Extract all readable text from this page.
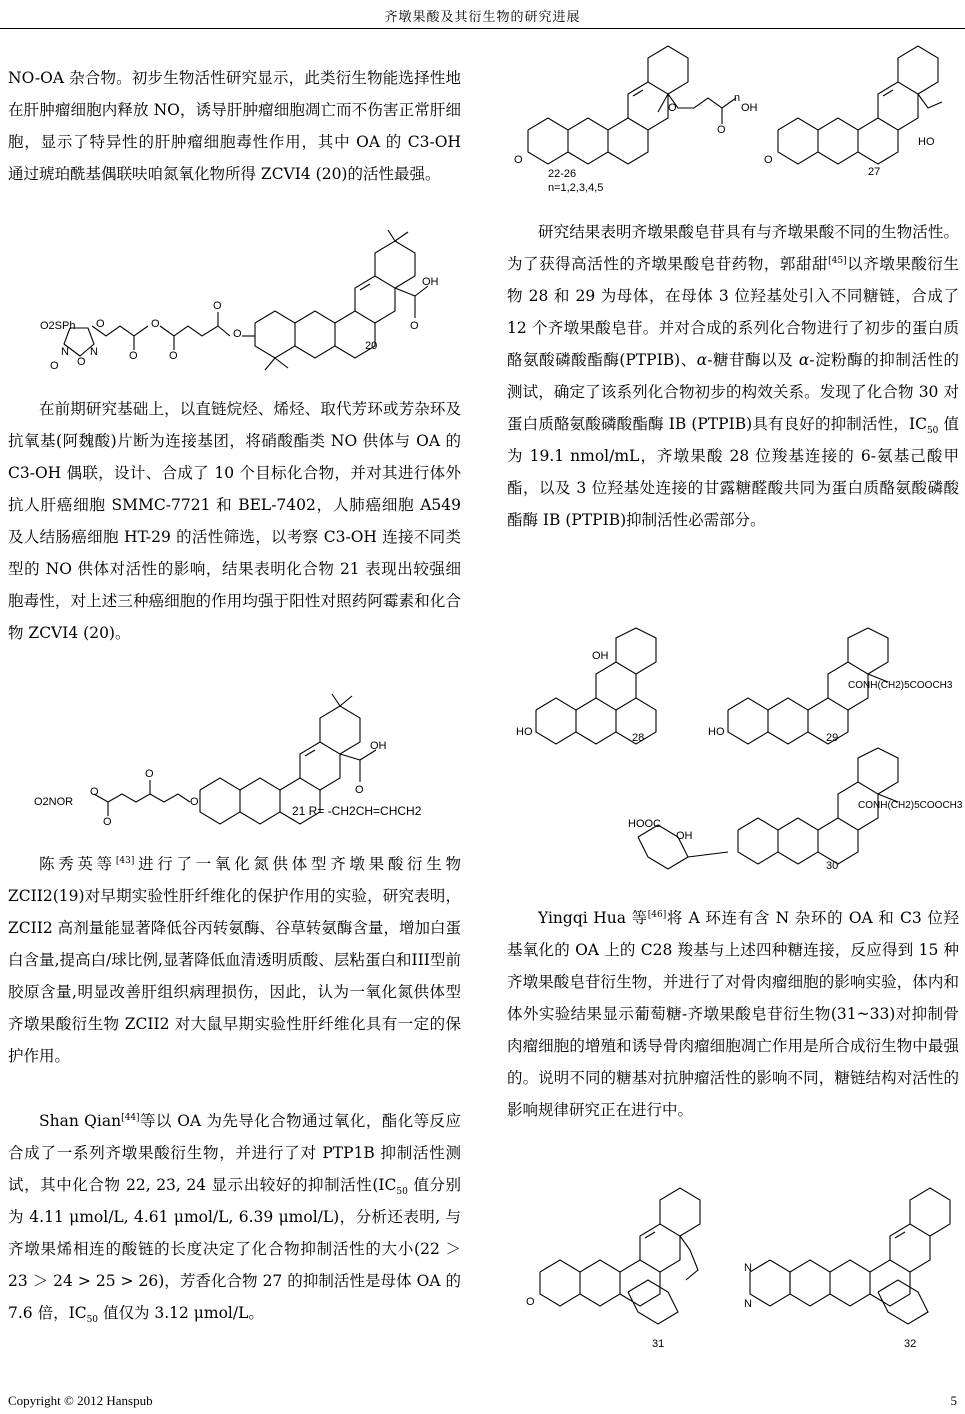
齐墩果酸及其衍生物的研究进展

NO-OA 杂合物。初步生物活性研究显示，此类衍生物能选择性地在肝肿瘤细胞内释放 NO，诱导肝肿瘤细胞凋亡而不伤害正常肝细胞，显示了特异性的肝肿瘤细胞毒性作用，其中 OA 的 C3-OH 通过琥珀酰基偶联呋咱氮氧化物所得 ZCVI4 (20)的活性最强。

O
O
O
O
O
O
O2SPh
N N
O
O
OH
O
20

在前期研究基础上，以直链烷烃、烯烃、取代芳环或芳杂环及抗氧基(阿魏酸)片断为连接基团，将硝酸酯类 NO 供体与 OA 的 C3-OH 偶联，设计、合成了 10 个目标化合物，并对其进行体外抗人肝癌细胞 SMMC-7721 和 BEL-7402，人肺癌细胞 A549 及人结肠癌细胞 HT-29 的活性筛选，以考察 C3-OH 连接不同类型的 NO 供体对活性的影响，结果表明化合物 21 表现出较强细胞毒性，对上述三种癌细胞的作用均强于阳性对照药阿霉素和化合物 ZCVI4 (20)。

O
O
O
O
O2NOR
OH
O
21 R= -CH2CH=CHCH2

陈秀英等[43]进行了一氧化氮供体型齐墩果酸衍生物 ZCII2(19)对早期实验性肝纤维化的保护作用的实验，研究表明，ZCII2 高剂量能显著降低谷丙转氨酶、谷草转氨酶含量，增加白蛋白含量,提高白/球比例,显著降低血清透明质酸、层粘蛋白和III型前胶原含量,明显改善肝组织病理损伤，因此，认为一氧化氮供体型齐墩果酸衍生物 ZCII2 对大鼠早期实验性肝纤维化具有一定的保护作用。

Shan Qian[44]等以 OA 为先导化合物通过氧化，酯化等反应合成了一系列齐墩果酸衍生物，并进行了对 PTP1B 抑制活性测试，其中化合物 22, 23, 24 显示出较好的抑制活性($IC_{50}$ 值分别为 4.11 μmol/L, 4.61 μmol/L, 6.39 μmol/L)，分析还表明, 与齐墩果烯相连的酸链的长度决定了化合物抑制活性的大小(22 ＞ 23 ＞ 24 > 25 > 26)，芳香化合物 27 的抑制活性是母体 OA 的 7.6 倍，$IC_{50}$ 值仅为 3.12 μmol/L。

n
OH
O
O
O
22-26
n=1,2,3,4,5
O
HO
27

研究结果表明齐墩果酸皂苷具有与齐墩果酸不同的生物活性。为了获得高活性的齐墩果酸皂苷药物，郭甜甜[45]以齐墩果酸衍生物 28 和 29 为母体，在母体 3 位羟基处引入不同糖链，合成了 12 个齐墩果酸皂苷。并对合成的系列化合物进行了初步的蛋白质酪氨酸磷酸酯酶(PTPIB)、α-糖苷酶以及 α-淀粉酶的抑制活性的测试，确定了该系列化合物初步的构效关系。发现了化合物 30 对蛋白质酪氨酸磷酸酯酶 IB (PTPIB)具有良好的抑制活性，$IC_{50}$ 值为 19.1 nmol/mL，齐墩果酸 28 位羧基连接的 6-氨基己酸甲酯，以及 3 位羟基处连接的甘露糖醛酸共同为蛋白质酪氨酸磷酸酯酶 IB (PTPIB)抑制活性必需部分。

OH
HO	28	HO
CONH(CH2)5COOCH3
29
CONH(CH2)5COOCH3
HOOC
OH
30

Yingqi Hua 等[46]将 A 环连有含 N 杂环的 OA 和 C3 位羟基氧化的 OA 上的 C28 羧基与上述四种糖连接，反应得到 15 种齐墩果酸皂苷衍生物，并进行了对骨肉瘤细胞的影响实验，体内和体外实验结果显示葡萄糖-齐墩果酸皂苷衍生物(31~33)对抑制骨肉瘤细胞的增殖和诱导骨肉瘤细胞凋亡作用是所合成衍生物中最强的。说明不同的糖基对抗肿瘤活性的影响不同，糖链结构对活性的影响规律研究正在进行中。

O
31
N
N
32
Copyright © 2012 Hanspub	5
